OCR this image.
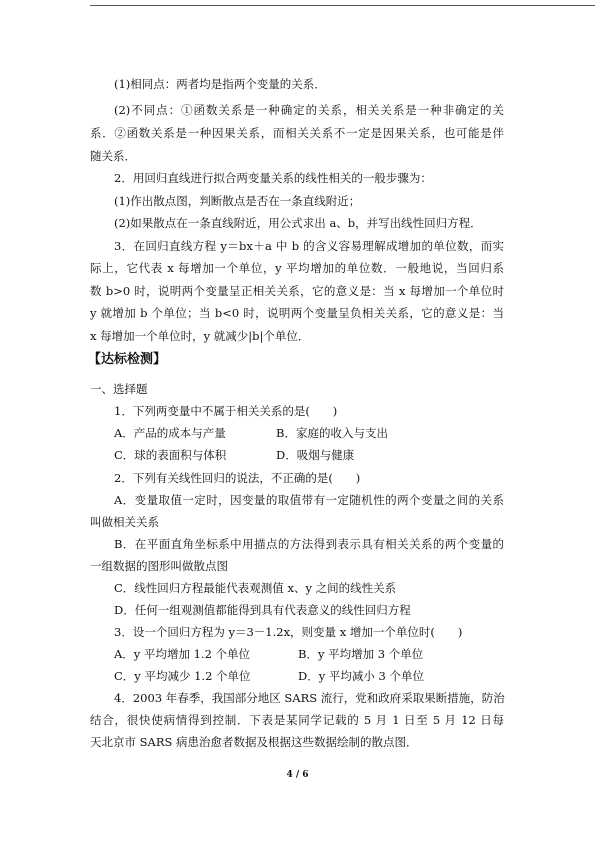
(1)相同点：两者均是指两个变量的关系．
(2)不同点：①函数关系是一种确定的关系，相关关系是一种非确定的关
系．②函数关系是一种因果关系，而相关关系不一定是因果关系，也可能是伴
随关系．
2．用回归直线进行拟合两变量关系的线性相关的一般步骤为：
(1)作出散点图，判断散点是否在一条直线附近；
(2)如果散点在一条直线附近，用公式求出 a、b，并写出线性回归方程．
3．在回归直线方程 y＝bx＋a 中 b 的含义容易理解成增加的单位数，而实
际上，它代表 x 每增加一个单位，y 平均增加的单位数．一般地说，当回归系
数 b>0 时，说明两个变量呈正相关关系，它的意义是：当 x 每增加一个单位时
y 就增加 b 个单位；当 b<0 时，说明两个变量呈负相关关系，它的意义是：当
x 每增加一个单位时，y 就减少|b|个单位．
【达标检测】
一、选择题
1．下列两变量中不属于相关关系的是(　　)
A．产品的成本与产量	B．家庭的收入与支出
C．球的表面积与体积	D．吸烟与健康
2．下列有关线性回归的说法，不正确的是(　　)
A．变量取值一定时，因变量的取值带有一定随机性的两个变量之间的关系
叫做相关关系
B．在平面直角坐标系中用描点的方法得到表示具有相关关系的两个变量的
一组数据的图形叫做散点图
C．线性回归方程最能代表观测值 x、y 之间的线性关系
D．任何一组观测值都能得到具有代表意义的线性回归方程
3．设一个回归方程为 y＝3－1.2x，则变量 x 增加一个单位时(　　)
A．y 平均增加 1.2 个单位	B．y 平均增加 3 个单位
C．y 平均减少 1.2 个单位	D．y 平均减小 3 个单位
4．2003 年春季，我国部分地区 SARS 流行，党和政府采取果断措施，防治
结合，很快使病情得到控制．下表是某同学记载的 5 月 1 日至 5 月 12 日每
天北京市 SARS 病患治愈者数据及根据这些数据绘制的散点图．
4 / 6
